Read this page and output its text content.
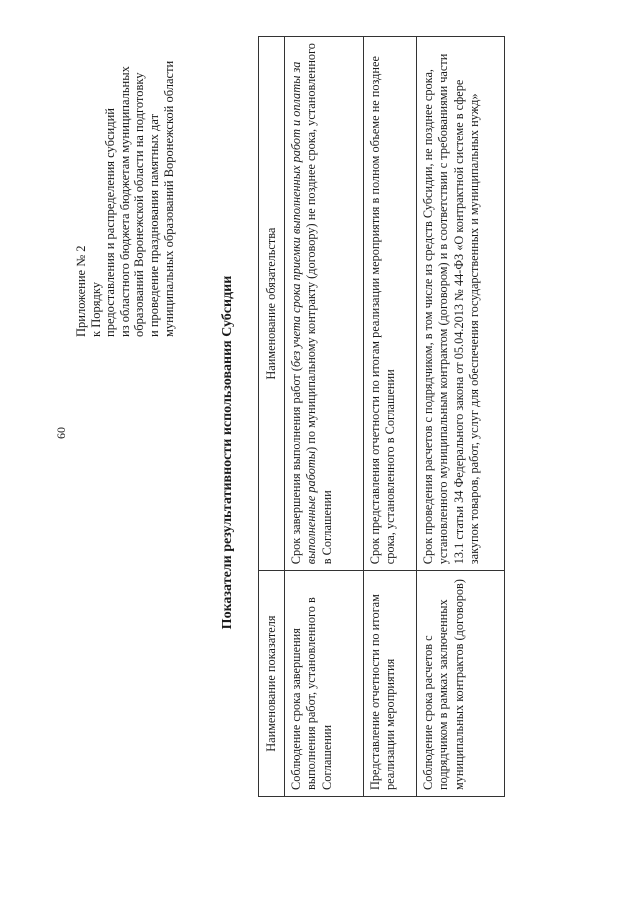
60
Приложение № 2 к Порядку предоставления и распределения субсидий из областного бюджета бюджетам муниципальных образований Воронежской области на подготовку и проведение празднования памятных дат муниципальных образований Воронежской области
Показатели результативности использования Субсидии
Наименование показателя	Наименование обязательства
Соблюдение срока завершения выполнения работ, установленного в Соглашении	Срок завершения выполнения работ (без учета срока приемки выполненных работ и оплаты за выполненные работы) по муниципальному контракту (договору) не позднее срока, установленного в Соглашении
Представление отчетности по итогам реализации мероприятия	Срок представления отчетности по итогам реализации мероприятия в полном объеме не позднее срока, установленного в Соглашении
Соблюдение срока расчетов с подрядчиком в рамках заключенных муниципальных контрактов (договоров)	Срок проведения расчетов с подрядчиком, в том числе из средств Субсидии, не позднее срока, установленного муниципальным контрактом (договором) и в соответствии с требованиями части 13.1 статьи 34 Федерального закона от 05.04.2013 № 44-ФЗ «О контрактной системе в сфере закупок товаров, работ, услуг для обеспечения государственных и муниципальных нужд»
